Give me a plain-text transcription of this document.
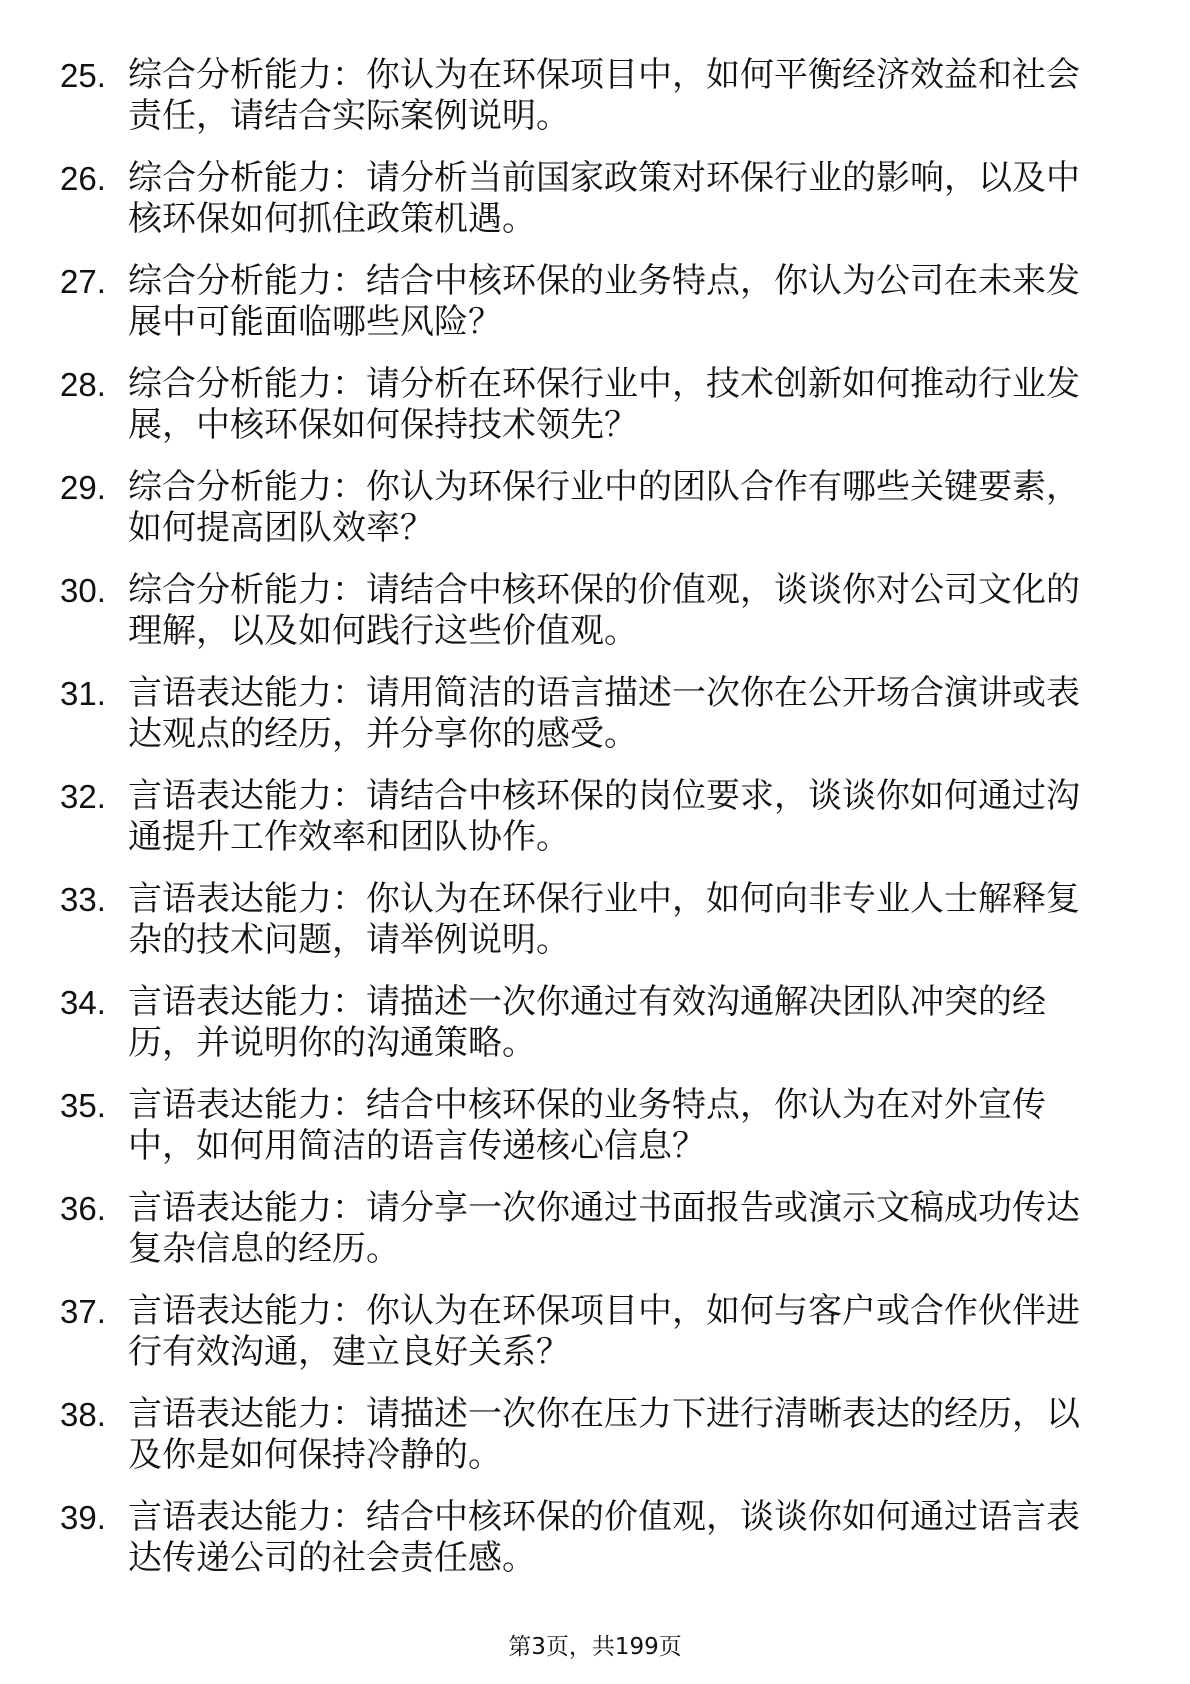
25. 综合分析能力：你认为在环保项目中，如何平衡经济效益和社会责任，请结合实际案例说明。
26. 综合分析能力：请分析当前国家政策对环保行业的影响，以及中核环保如何抓住政策机遇。
27. 综合分析能力：结合中核环保的业务特点，你认为公司在未来发展中可能面临哪些风险？
28. 综合分析能力：请分析在环保行业中，技术创新如何推动行业发展，中核环保如何保持技术领先？
29. 综合分析能力：你认为环保行业中的团队合作有哪些关键要素，如何提高团队效率？
30. 综合分析能力：请结合中核环保的价值观，谈谈你对公司文化的理解，以及如何践行这些价值观。
31. 言语表达能力：请用简洁的语言描述一次你在公开场合演讲或表达观点的经历，并分享你的感受。
32. 言语表达能力：请结合中核环保的岗位要求，谈谈你如何通过沟通提升工作效率和团队协作。
33. 言语表达能力：你认为在环保行业中，如何向非专业人士解释复杂的技术问题，请举例说明。
34. 言语表达能力：请描述一次你通过有效沟通解决团队冲突的经历，并说明你的沟通策略。
35. 言语表达能力：结合中核环保的业务特点，你认为在对外宣传中，如何用简洁的语言传递核心信息？
36. 言语表达能力：请分享一次你通过书面报告或演示文稿成功传达复杂信息的经历。
37. 言语表达能力：你认为在环保项目中，如何与客户或合作伙伴进行有效沟通，建立良好关系？
38. 言语表达能力：请描述一次你在压力下进行清晰表达的经历，以及你是如何保持冷静的。
39. 言语表达能力：结合中核环保的价值观，谈谈你如何通过语言表达传递公司的社会责任感。
第3页，共199页
